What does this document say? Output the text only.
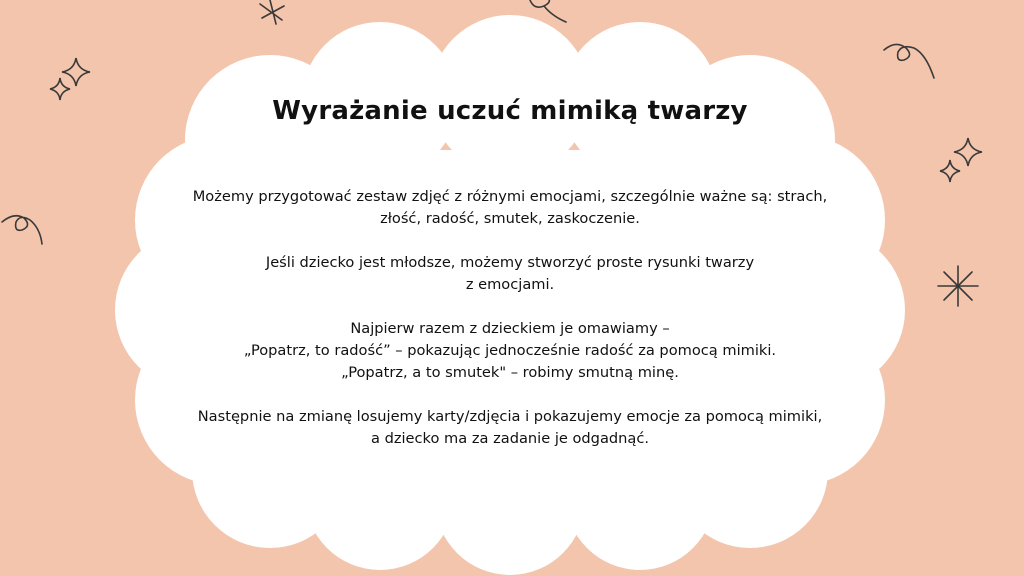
Wyrażanie uczuć mimiką twarzy

Możemy przygotować zestaw zdjęć z różnymi emocjami, szczególnie ważne są: strach,
złość, radość, smutek, zaskoczenie.

Jeśli dziecko jest młodsze, możemy stworzyć proste rysunki twarzy
z emocjami.

Najpierw razem z dzieckiem je omawiamy –
„Popatrz, to radość” – pokazując jednocześnie radość za pomocą mimiki.
„Popatrz, a to smutek" – robimy smutną minę.

Następnie na zmianę losujemy karty/zdjęcia i pokazujemy emocje za pomocą mimiki,
a dziecko ma za zadanie je odgadnąć.
